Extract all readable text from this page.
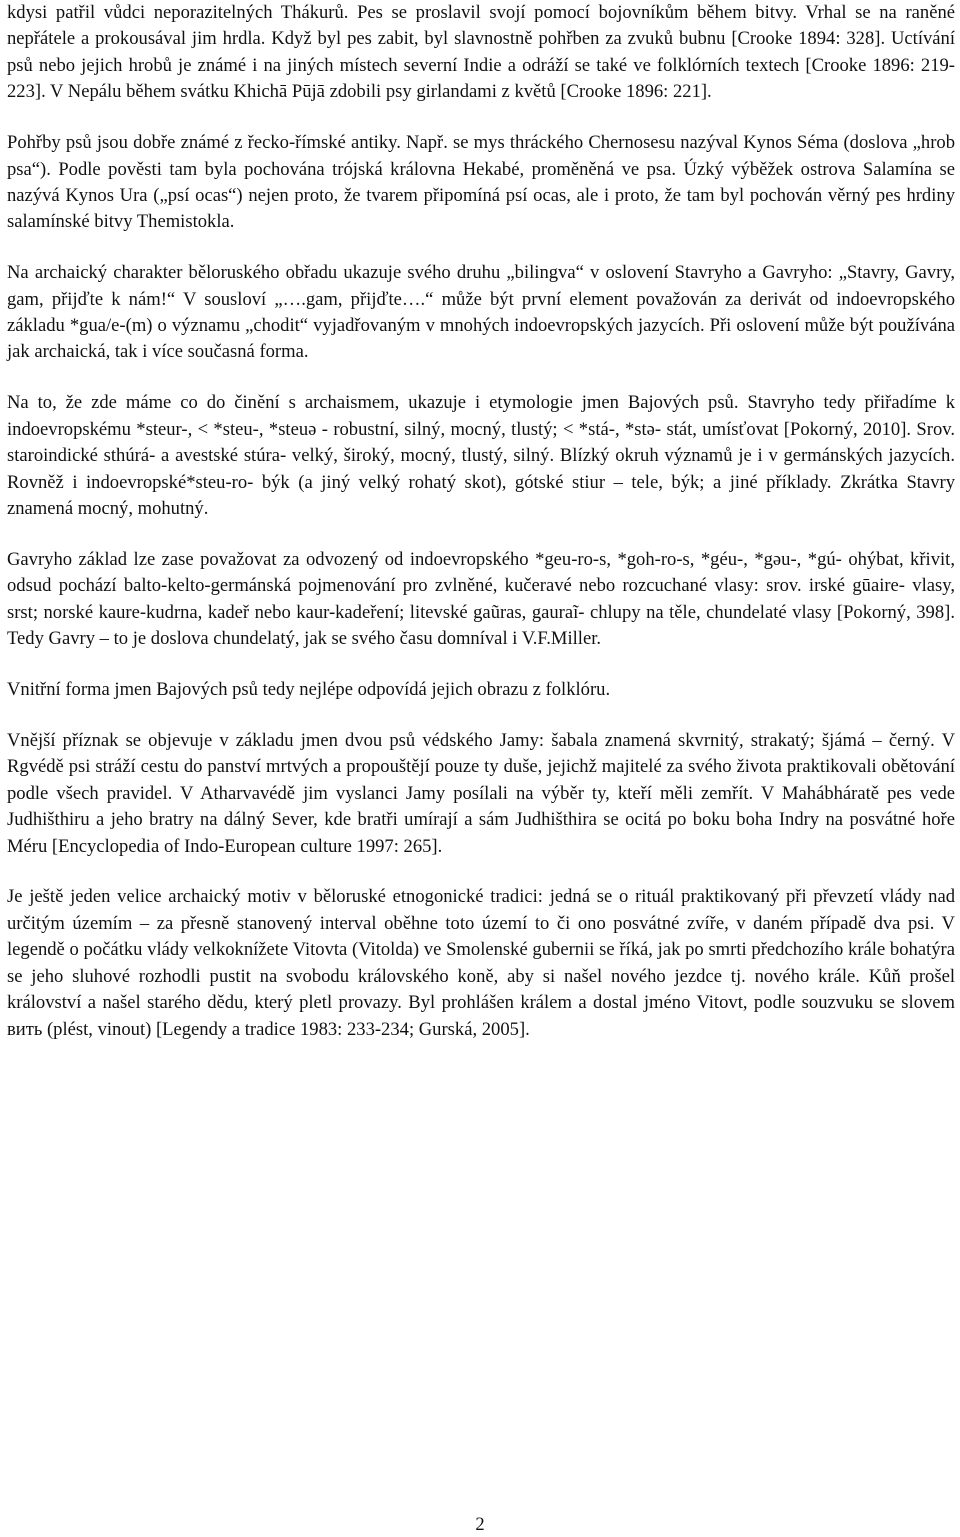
kdysi patřil vůdci neporazitelných Thákurů. Pes se proslavil svojí pomocí bojovníkům během bitvy. Vrhal se na raněné nepřátele a prokousával jim hrdla. Když byl pes zabit, byl slavnostně pohřben za zvuků bubnu [Crooke 1894: 328]. Uctívání psů nebo jejich hrobů je známé i na jiných místech severní Indie a odráží se také ve folklórních textech [Crooke 1896: 219-223]. V Nepálu během svátku Khichā Pūjā zdobili psy girlandami z květů [Crooke 1896: 221].

Pohřby psů jsou dobře známé z řecko-římské antiky. Např. se mys thráckého Chernosesu nazýval Kynos Séma (doslova „hrob psa“). Podle pověsti tam byla pochována trójská královna Hekabé, proměněná ve psa. Úzký výběžek ostrova Salamína se nazývá Kynos Ura („psí ocas“) nejen proto, že tvarem připomíná psí ocas, ale i proto, že tam byl pochován věrný pes hrdiny salamínské bitvy Themistokla.

Na archaický charakter běloruského obřadu ukazuje svého druhu „bilingva“ v oslovení Stavryho a Gavryho: „Stavry, Gavry, gam, přijďte k nám!“ V sousloví „….gam, přijďte….“ může být první element považován za derivát od indoevropského základu *gua/e-(m) o významu „chodit“ vyjadřovaným v mnohých indoevropských jazycích. Při oslovení může být používána jak archaická, tak i více současná forma.

Na to, že zde máme co do činění s archaismem, ukazuje i etymologie jmen Bajových psů. Stavryho tedy přiřadíme k indoevropskému *steur-, < *steu-, *steuə - robustní, silný, mocný, tlustý; < *stá-, *stə- stát, umísťovat [Pokorný, 2010]. Srov. staroindické sthúrá- a avestské stúra- velký, široký, mocný, tlustý, silný. Blízký okruh významů je i v germánských jazycích. Rovněž i indoevropské*steu-ro- býk (a jiný velký rohatý skot), gótské stiur – tele, býk; a jiné příklady. Zkrátka Stavry znamená mocný, mohutný.

Gavryho základ lze zase považovat za odvozený od indoevropského *geu-ro-s, *goh-ro-s, *géu-, *gəu-, *gú- ohýbat, křivit, odsud pochází balto-kelto-germánská pojmenování pro zvlněné, kučeravé nebo rozcuchané vlasy: srov. irské gūaire- vlasy, srst; norské kaure-kudrna, kadeř nebo kaur-kadeření; litevské gaũras, gauraĩ- chlupy na těle, chundelaté vlasy [Pokorný, 398]. Tedy Gavry – to je doslova chundelatý, jak se svého času domníval i V.F.Miller.

Vnitřní forma jmen Bajových psů tedy nejlépe odpovídá jejich obrazu z folklóru.

Vnější příznak se objevuje v základu jmen dvou psů védského Jamy: šabala znamená skvrnitý, strakatý; šjámá – černý. V Rgvédě psi stráží cestu do panství mrtvých a propouštějí pouze ty duše, jejichž majitelé za svého života praktikovali obětování podle všech pravidel. V Atharvavédě jim vyslanci Jamy posílali na výběr ty, kteří měli zemřít. V Mahábháratě pes vede Judhišthiru a jeho bratry na dálný Sever, kde bratři umírají a sám Judhišthira se ocitá po boku boha Indry na posvátné hoře Méru [Encyclopedia of Indo-European culture 1997: 265].

Je ještě jeden velice archaický motiv v běloruské etnogonické tradici: jedná se o rituál praktikovaný při převzetí vlády nad určitým územím – za přesně stanovený interval oběhne toto území to či ono posvátné zvíře, v daném případě dva psi. V legendě o počátku vlády velkoknížete Vitovta (Vitolda) ve Smolenské gubernii se říká, jak po smrti předchozího krále bohatýra se jeho sluhové rozhodli pustit na svobodu královského koně, aby si našel nového jezdce tj. nového krále. Kůň prošel království a našel starého dědu, který pletl provazy. Byl prohlášen králem a dostal jméno Vitovt, podle souzvuku se slovem вить (plést, vinout) [Legendy a tradice 1983: 233-234; Gurská, 2005].

2
